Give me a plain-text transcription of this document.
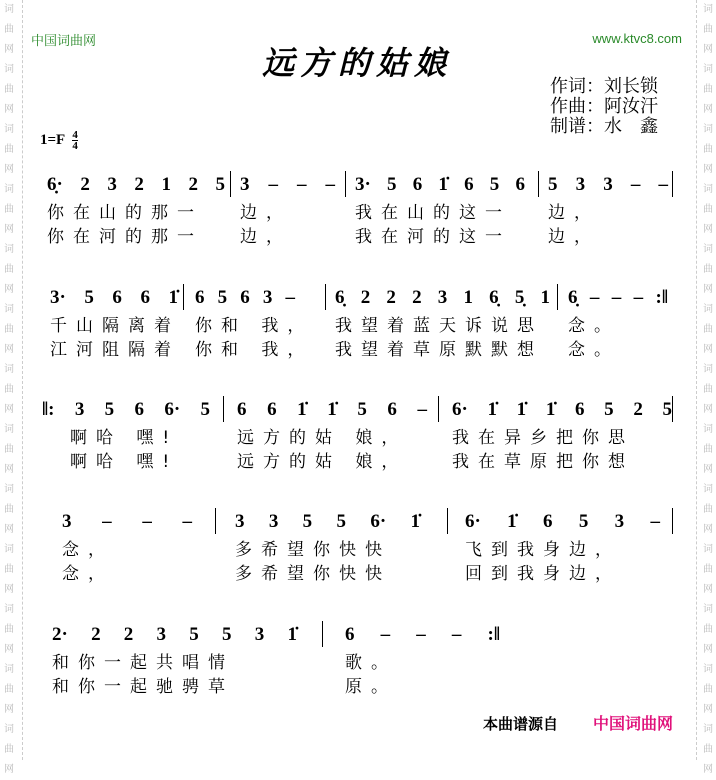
词
曲
网
词
曲
网
词
曲
网
词
曲
网
词
曲
网
词
曲
网
词
曲
网
词
曲
网
词
曲
网
词
曲
网
词
曲
网
词
曲
网
词
曲
网
词
曲
网
词
曲
网
词
曲
网
词
曲
网
词
曲
网
词
曲
网
词
曲
网
词
曲
网
词
曲
网
词
曲
网
词
曲
网
词
曲
网
词
曲
网
中国词曲网	www.ktvc8.com
远方的姑娘
作词：刘长锁
作曲：阿汝汗
制谱：水　鑫
$1=F \frac{4}{4}$
6̣· 2 3 2 1 2 5
你在山的那一
你在河的那一
3 – – –
边，
边，
3· 5 6 1̇ 6 5 6
我在山的这一
我在河的这一
5 3 3 – –
边，
边，
3· 5 6 6 1̇
千山隔离着
江河阻隔着
6 5 6 3 –
你和 我，
你和 我，
6̣ 2 2 2 3 1 6̣ 5̣ 1
我望着蓝天诉说思
我望着草原默默想
6̣ – – – :‖
念。
念。
‖: 3 5 6 6· 5
啊哈 嘿!
啊哈 嘿!
6 6 1̇ 1̇ 5 6 –
远方的姑 娘，
远方的姑 娘，
6· 1̇ 1̇ 1̇ 6 5 2 5
我在异乡把你思
我在草原把你想
3 – – –
念，
念，
3 3 5 5 6· 1̇
多希望你快快
多希望你快快
6· 1̇ 6 5 3 –
飞到我身边，
回到我身边，
2· 2 2 3 5 5 3 1̇
和你一起共唱情
和你一起驰骋草
6 – – – :‖
歌。
原。
本曲谱源自 中国词曲网
